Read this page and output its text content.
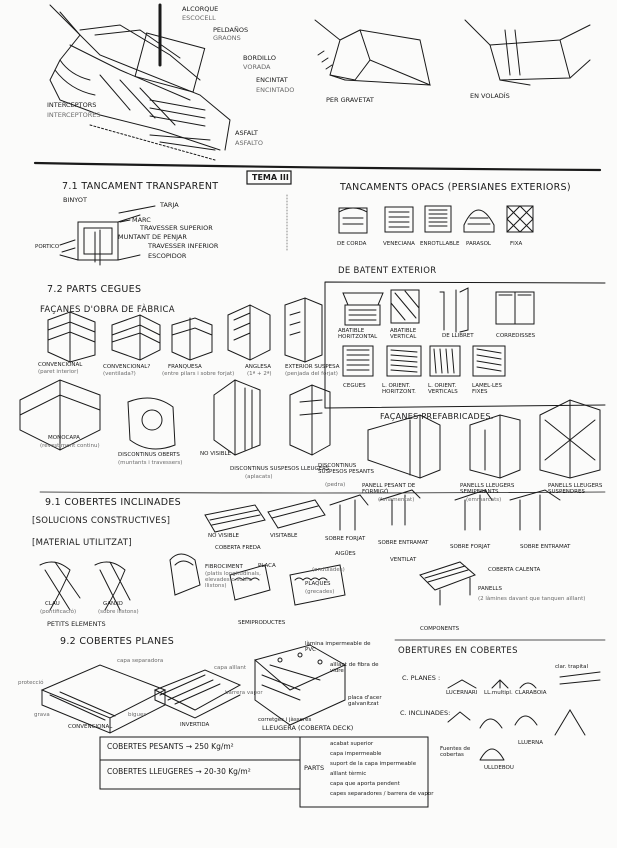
ALCORQUE
ESCOCELL
PELDAÑOS
GRAONS
BORDILLO
VORADA
ENCINTAT
ENCINTADO
INTERCEPTORS
INTERCEPTORES
ASFALT
ASFALTO
PER GRAVETAT	EN VOLADÍS
TEMA III
7.1 TANCAMENT TRANSPARENT
BINYOT
TARJA
MARC
TRAVESSER SUPERIOR
MUNTANT DE PENJAR
TRAVESSER INFERIOR
ESCOPIDOR
PORTICO
TANCAMENTS OPACS (PERSIANES EXTERIORS)
DE CORDA	VENECIANA ENROTLLABLE PARASOL	FIXA
DE BATENT EXTERIOR
ABATIBLE HORITZONTAL
ABATIBLE VERTICAL	DE LLIBRET	CORREDISSES
CEGUES	L. ORIENT. HORITZONT.
L. ORIENT. VERTICALS
LAMEL·LES FIXES
7.2 PARTS CEGUES
FAÇANES D'OBRA DE FÀBRICA
CONVENCIONAL
(paret interior)
CONVENCIONAL?
(ventilada?)
FRANQUESA
(entre pilars i sobre forjat)
ANGLESA
(1ª + 2ª)
EXTERIOR SUSPESA
(penjada del forjat)
MONOCAPA
(revestiment continu)
DISCONTINUS OBERTS
(muntants i travessers)
NO VISIBLE
DISCONTINUS SUSPESOS LLEUGERS
(aplacats)
DISCONTINUS SUSPESOS PESANTS
(pedra)
FAÇANES PREFABRICADES.
PANELL PESANT DE FORMIGÓ
(fonamentat)
PANELLS LLEUGERS SEMIPESANTS
(emmarcats)
PANELLS LLEUGERS SUSPENDRES
9.1 COBERTES INCLINADES
[SOLUCIONS CONSTRUCTIVES]
NO VISIBLE	VISITABLE
COBERTA FREDA
SOBRE FORJAT
SOBRE ENTRAMAT
AIGÜES
VENTILAT
SOBRE FORJAT	SOBRE ENTRAMAT
COBERTA CALENTA
[MATERIAL UTILITZAT]
PLACA
(ondulades)
PLAQUES
(grecades)
CLAU
(pontificació)
GANXO
(sobre llistons)
FIBROCIMENT
(platis longitudinals, elevades o sobre llistons)	PANELLS
(2 làmines davant que tanquen aïllant)
PETITS ELEMENTS	SEMIPRODUCTES
COMPONENTS
9.2 COBERTES PLANES
capa separadora
protecció
capa aïllant
barrera vapor
grava
làmina impermeable de PVC
aïllant de fibra de vidre
placa d'acer galvanitzat
corretges i jàsseres
bigues
CONVENCIONAL	INVERTIDA	LLEUGERA (COBERTA DECK)
OBERTURES EN COBERTES
C. PLANES :
C. INCLINADES:
clar. trapital
LUCERNARI LL.multipl. CLARABOIA
Fuentes de cobertas
ULLDEBOU
LLUERNA
COBERTES PESANTS → 250 Kg/m²
COBERTES LLEUGERES → 20-30 Kg/m²	PARTS
acabat superior
capa impermeable
suport de la capa impermeable
aïllant tèrmic
capa que aporta pendent
capes separadores / barrera de vapor
